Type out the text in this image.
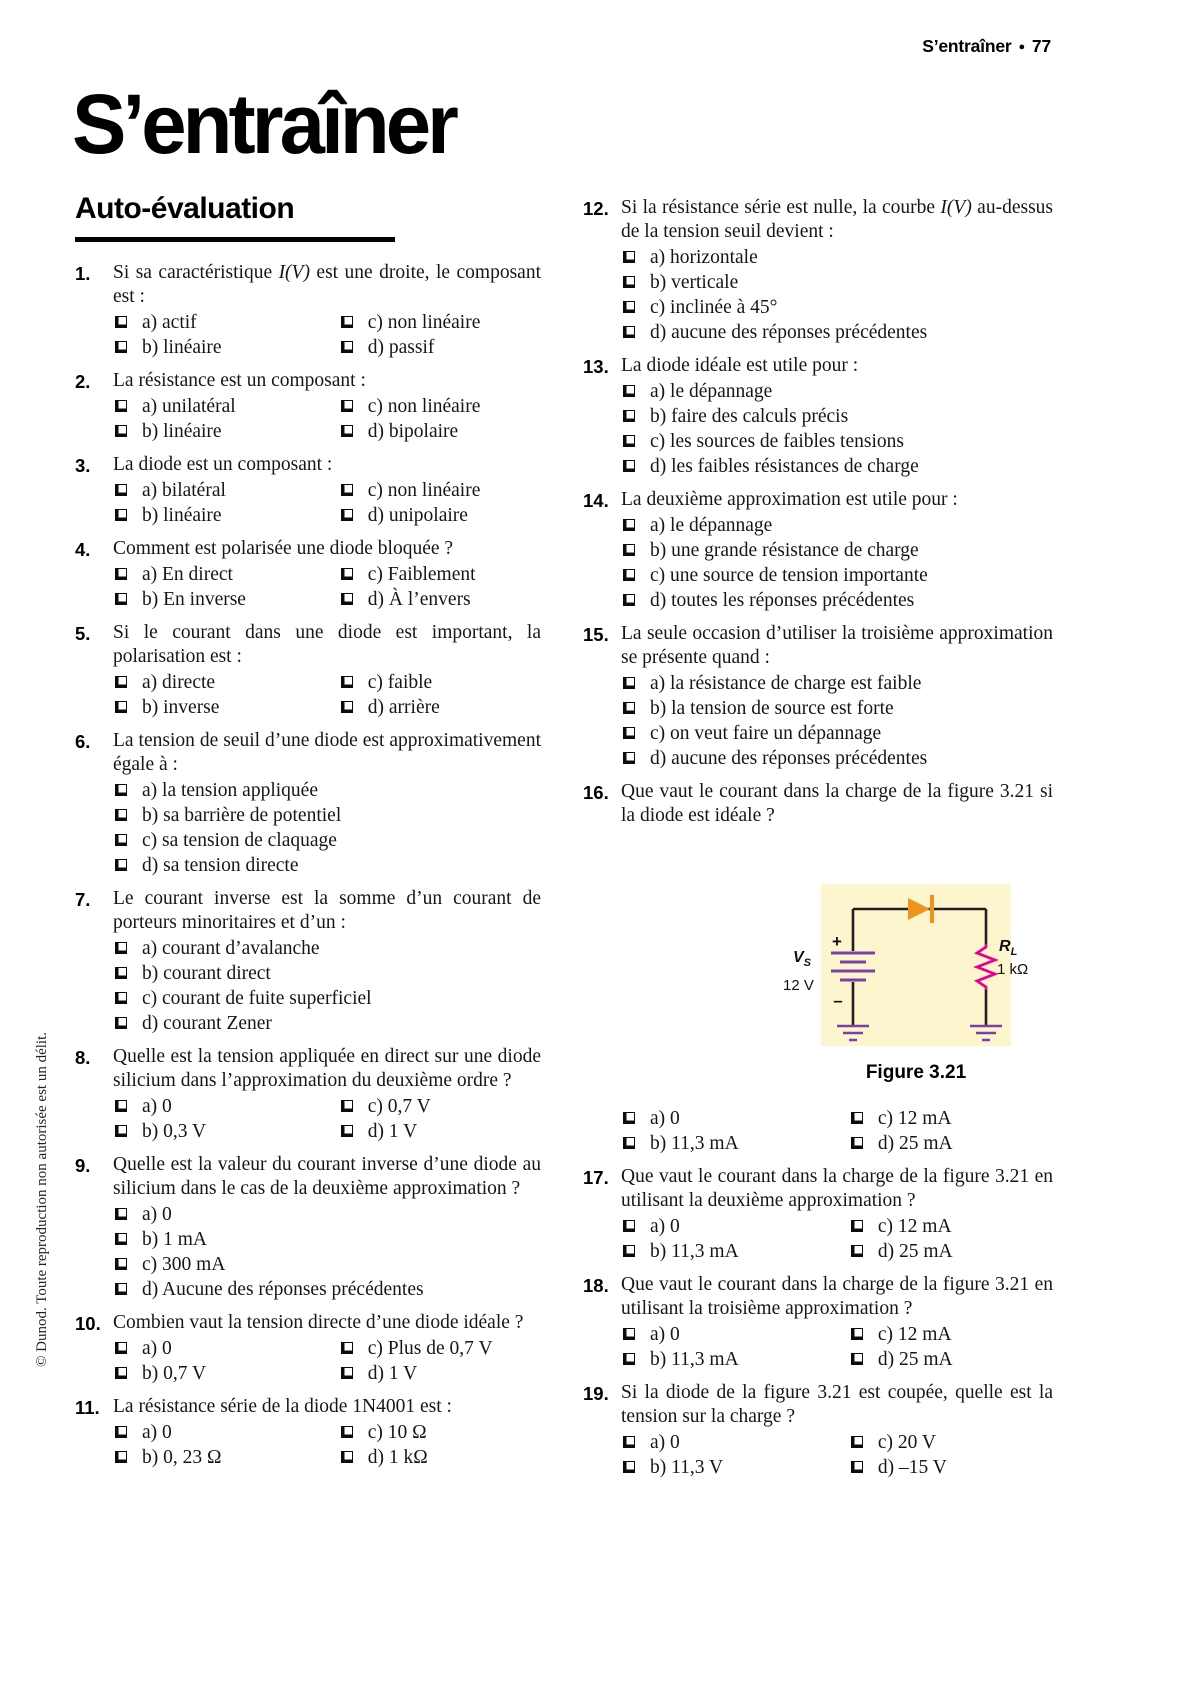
S’entraîner ● 77
S’entraîner
© Dunod. Toute reproduction non autorisée est un délit.
Auto-évaluation
1.	Si sa caractéristique I(V) est une droite, le composant est :
a) actif
b) linéaire
c) non linéaire
d) passif
2.	La résistance est un composant :
a) unilatéral
b) linéaire
c) non linéaire
d) bipolaire
3.	La diode est un composant :
a) bilatéral
b) linéaire
c) non linéaire
d) unipolaire
4.	Comment est polarisée une diode bloquée ?
a) En direct
b) En inverse
c) Faiblement
d) À l’envers
5.	Si le courant dans une diode est important, la polarisation est :
a) directe
b) inverse
c) faible
d) arrière
6.	La tension de seuil d’une diode est approximativement égale à :
a) la tension appliquée
b) sa barrière de potentiel
c) sa tension de claquage
d) sa tension directe
7.	Le courant inverse est la somme d’un courant de porteurs minoritaires et d’un :
a) courant d’avalanche
b) courant direct
c) courant de fuite superficiel
d) courant Zener
8.	Quelle est la tension appliquée en direct sur une diode silicium dans l’approximation du deuxième ordre ?
a) 0
b) 0,3 V
c) 0,7 V
d) 1 V
9.	Quelle est la valeur du courant inverse d’une diode au silicium dans le cas de la deuxième approximation ?
a) 0
b) 1 mA
c) 300 mA
d) Aucune des réponses précédentes
10. Combien vaut la tension directe d’une diode idéale ?
a) 0
b) 0,7 V
c) Plus de 0,7 V
d) 1 V
11. La résistance série de la diode 1N4001 est :
a) 0
b) 0, 23 Ω
c) 10 Ω
d) 1 kΩ
12. Si la résistance série est nulle, la courbe I(V) au-dessus de la tension seuil devient :
a) horizontale
b) verticale
c) inclinée à 45°
d) aucune des réponses précédentes
13. La diode idéale est utile pour :
a) le dépannage
b) faire des calculs précis
c) les sources de faibles tensions
d) les faibles résistances de charge
14. La deuxième approximation est utile pour :
a) le dépannage
b) une grande résistance de charge
c) une source de tension importante
d) toutes les réponses précédentes
15. La seule occasion d’utiliser la troisième approximation se présente quand :
a) la résistance de charge est faible
b) la tension de source est forte
c) on veut faire un dépannage
d) aucune des réponses précédentes
16. Que vaut le courant dans la charge de la figure 3.21 si la diode est idéale ?
+
–
$V_S$
12 V
$R_L$
1 kΩ
Figure 3.21
a) 0
b) 11,3 mA
c) 12 mA
d) 25 mA
17. Que vaut le courant dans la charge de la figure 3.21 en utilisant la deuxième approximation ?
a) 0
b) 11,3 mA
c) 12 mA
d) 25 mA
18. Que vaut le courant dans la charge de la figure 3.21 en utilisant la troisième approximation ?
a) 0
b) 11,3 mA
c) 12 mA
d) 25 mA
19. Si la diode de la figure 3.21 est coupée, quelle est la tension sur la charge ?
a) 0
b) 11,3 V
c) 20 V
d) –15 V
